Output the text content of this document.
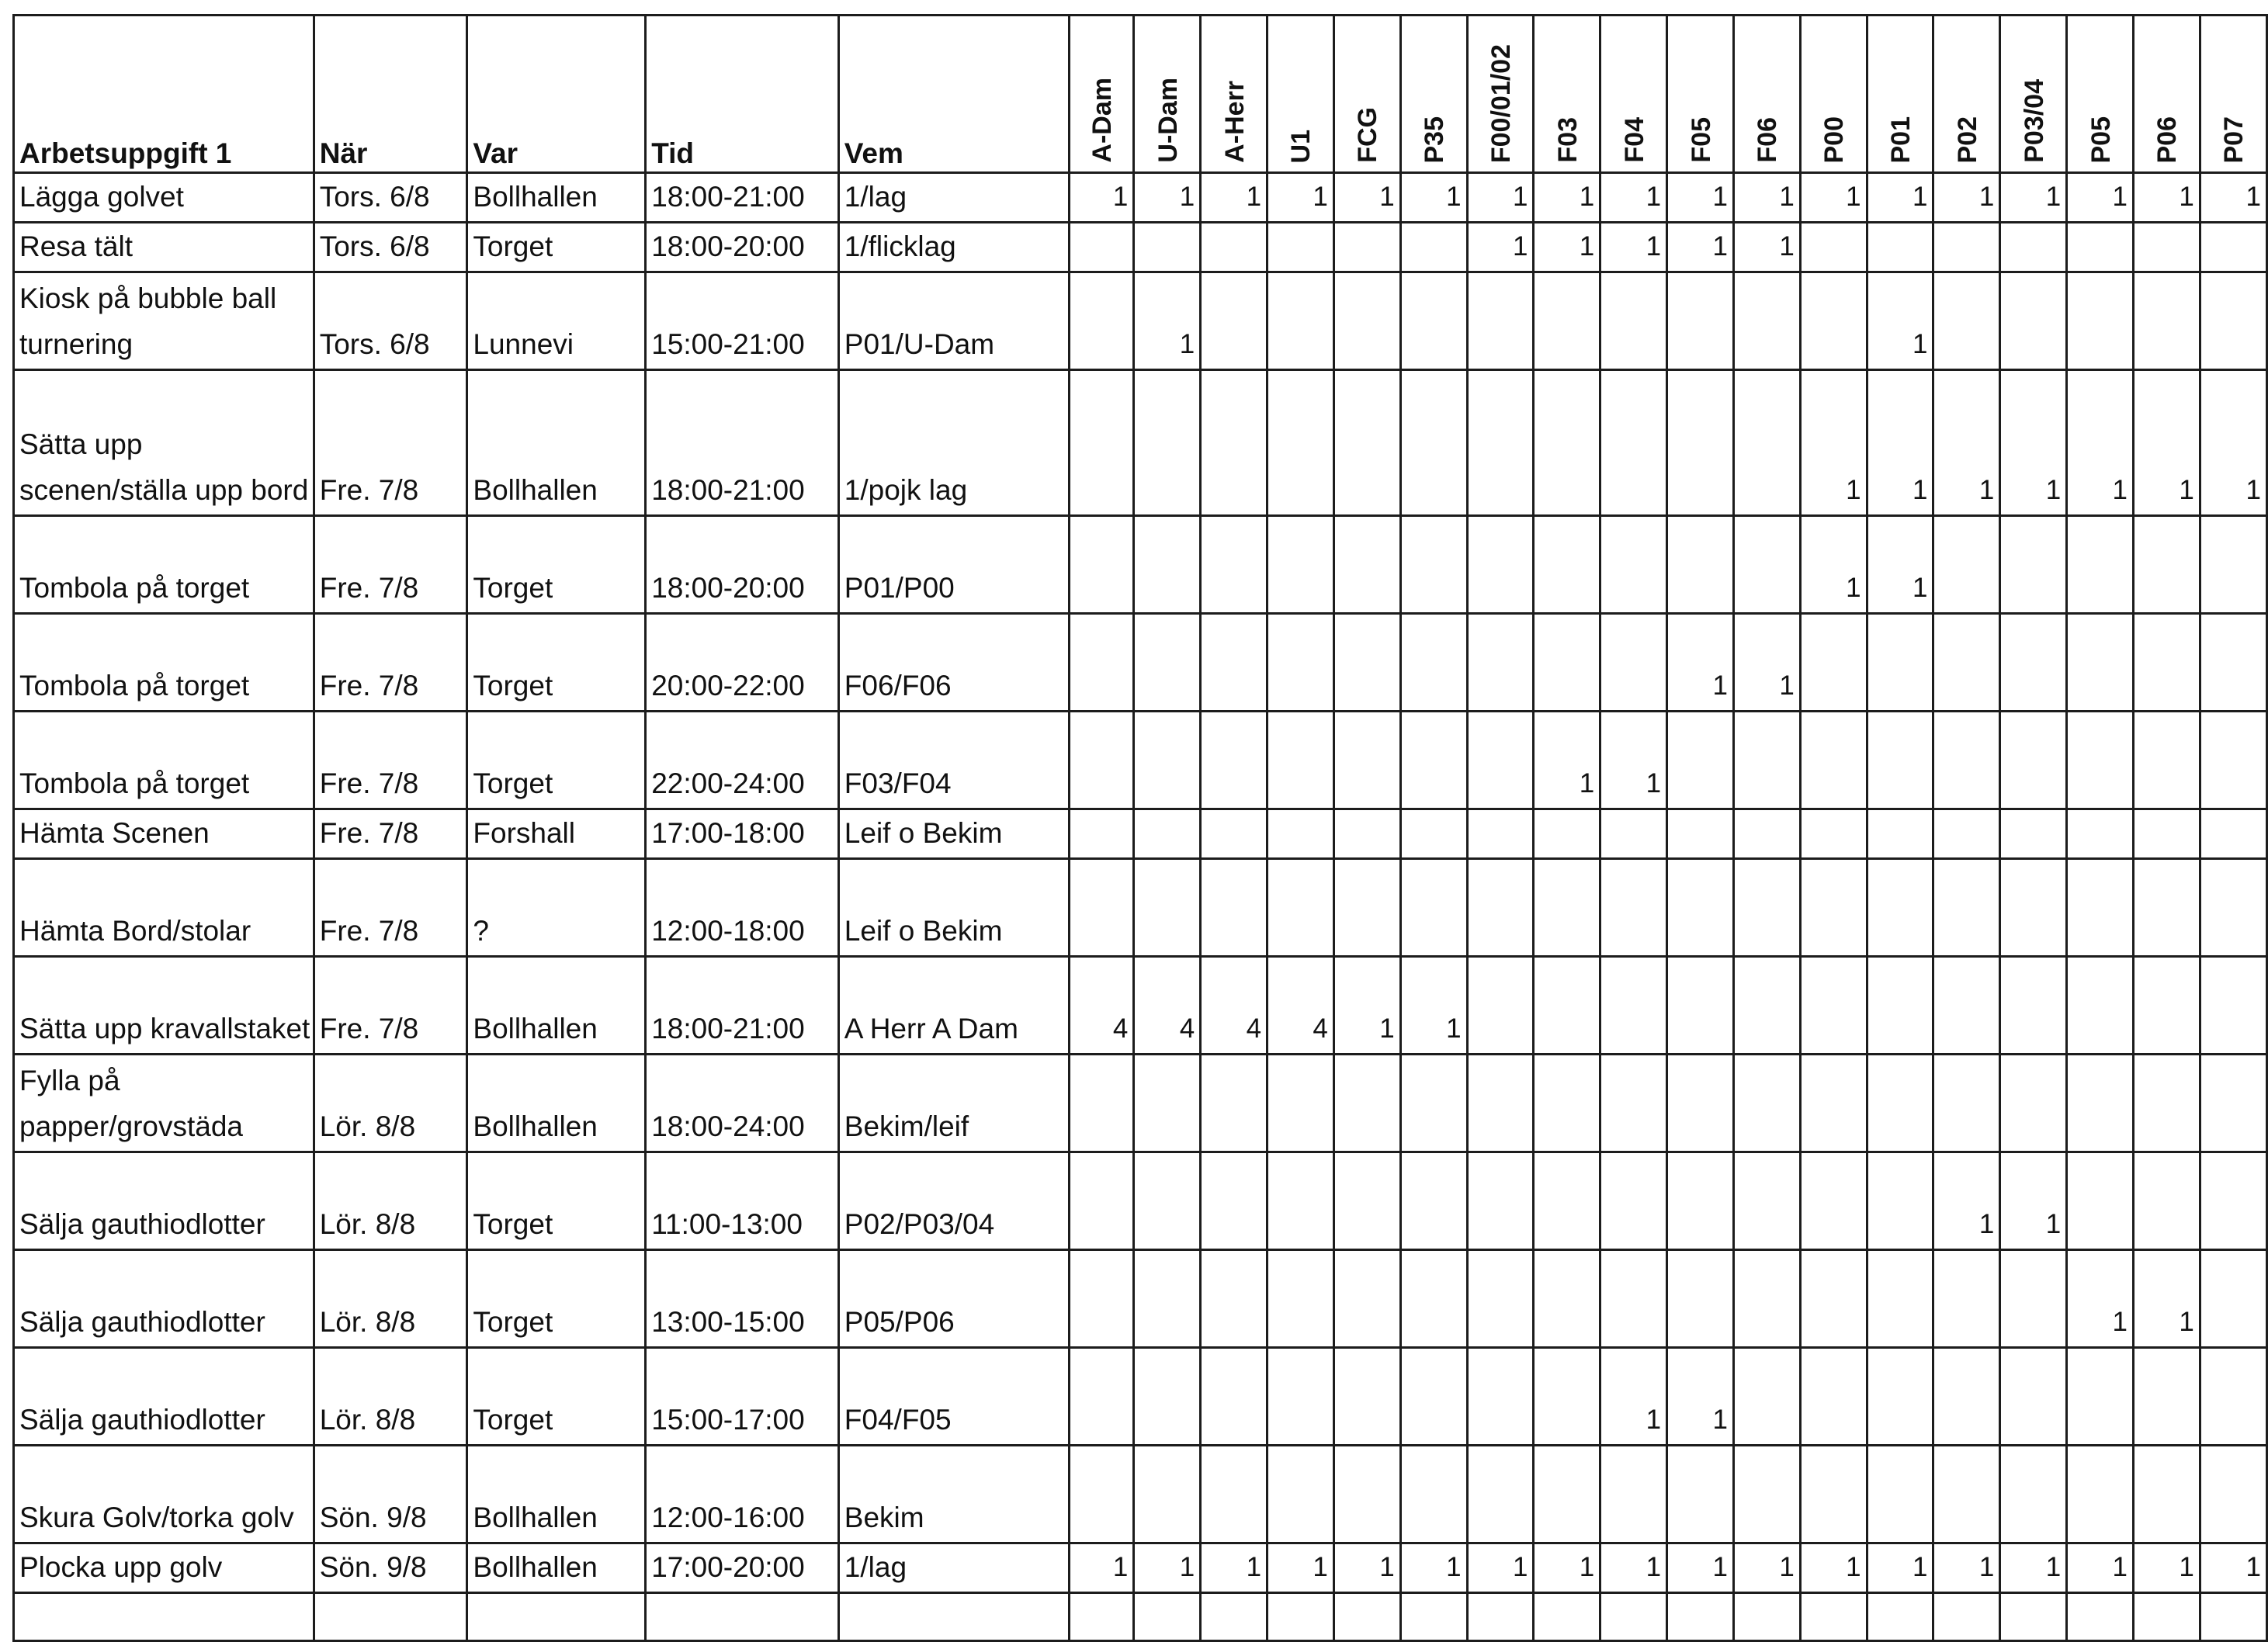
Arbetsuppgift 1	När	Var	Tid	Vem	A-Dam	U-Dam	A-Herr	U1	FCG	P35	F00/01/02	F03	F04	F05	F06	P00	P01	P02	P03/04	P05	P06	P07
Lägga golvet	Tors. 6/8	Bollhallen	18:00-21:00	1/lag	1	1	1	1	1	1	1	1	1	1	1	1	1	1	1	1	1	1
Resa tält	Tors. 6/8	Torget	18:00-20:00	1/flicklag							1	1	1	1	1							
Kiosk på bubble ball turnering	Tors. 6/8	Lunnevi	15:00-21:00	P01/U-Dam		1											1					
Sätta upp scenen/ställa upp bord	Fre. 7/8	Bollhallen	18:00-21:00	1/pojk lag												1	1	1	1	1	1	1
Tombola på torget	Fre. 7/8	Torget	18:00-20:00	P01/P00												1	1					
Tombola på torget	Fre. 7/8	Torget	20:00-22:00	F06/F06										1	1							
Tombola på torget	Fre. 7/8	Torget	22:00-24:00	F03/F04								1	1									
Hämta Scenen	Fre. 7/8	Forshall	17:00-18:00	Leif o Bekim																		
Hämta Bord/stolar	Fre. 7/8	?	12:00-18:00	Leif o Bekim																		
Sätta upp kravallstaket	Fre. 7/8	Bollhallen	18:00-21:00	A Herr A Dam	4	4	4	4	1	1												
Fylla på papper/grovstäda	Lör. 8/8	Bollhallen	18:00-24:00	Bekim/leif																		
Sälja gauthiodlotter	Lör. 8/8	Torget	11:00-13:00	P02/P03/04														1	1			
Sälja gauthiodlotter	Lör. 8/8	Torget	13:00-15:00	P05/P06																1	1	
Sälja gauthiodlotter	Lör. 8/8	Torget	15:00-17:00	F04/F05									1	1								
Skura Golv/torka golv	Sön. 9/8	Bollhallen	12:00-16:00	Bekim																		
Plocka upp golv	Sön. 9/8	Bollhallen	17:00-20:00	1/lag	1	1	1	1	1	1	1	1	1	1	1	1	1	1	1	1	1	1
